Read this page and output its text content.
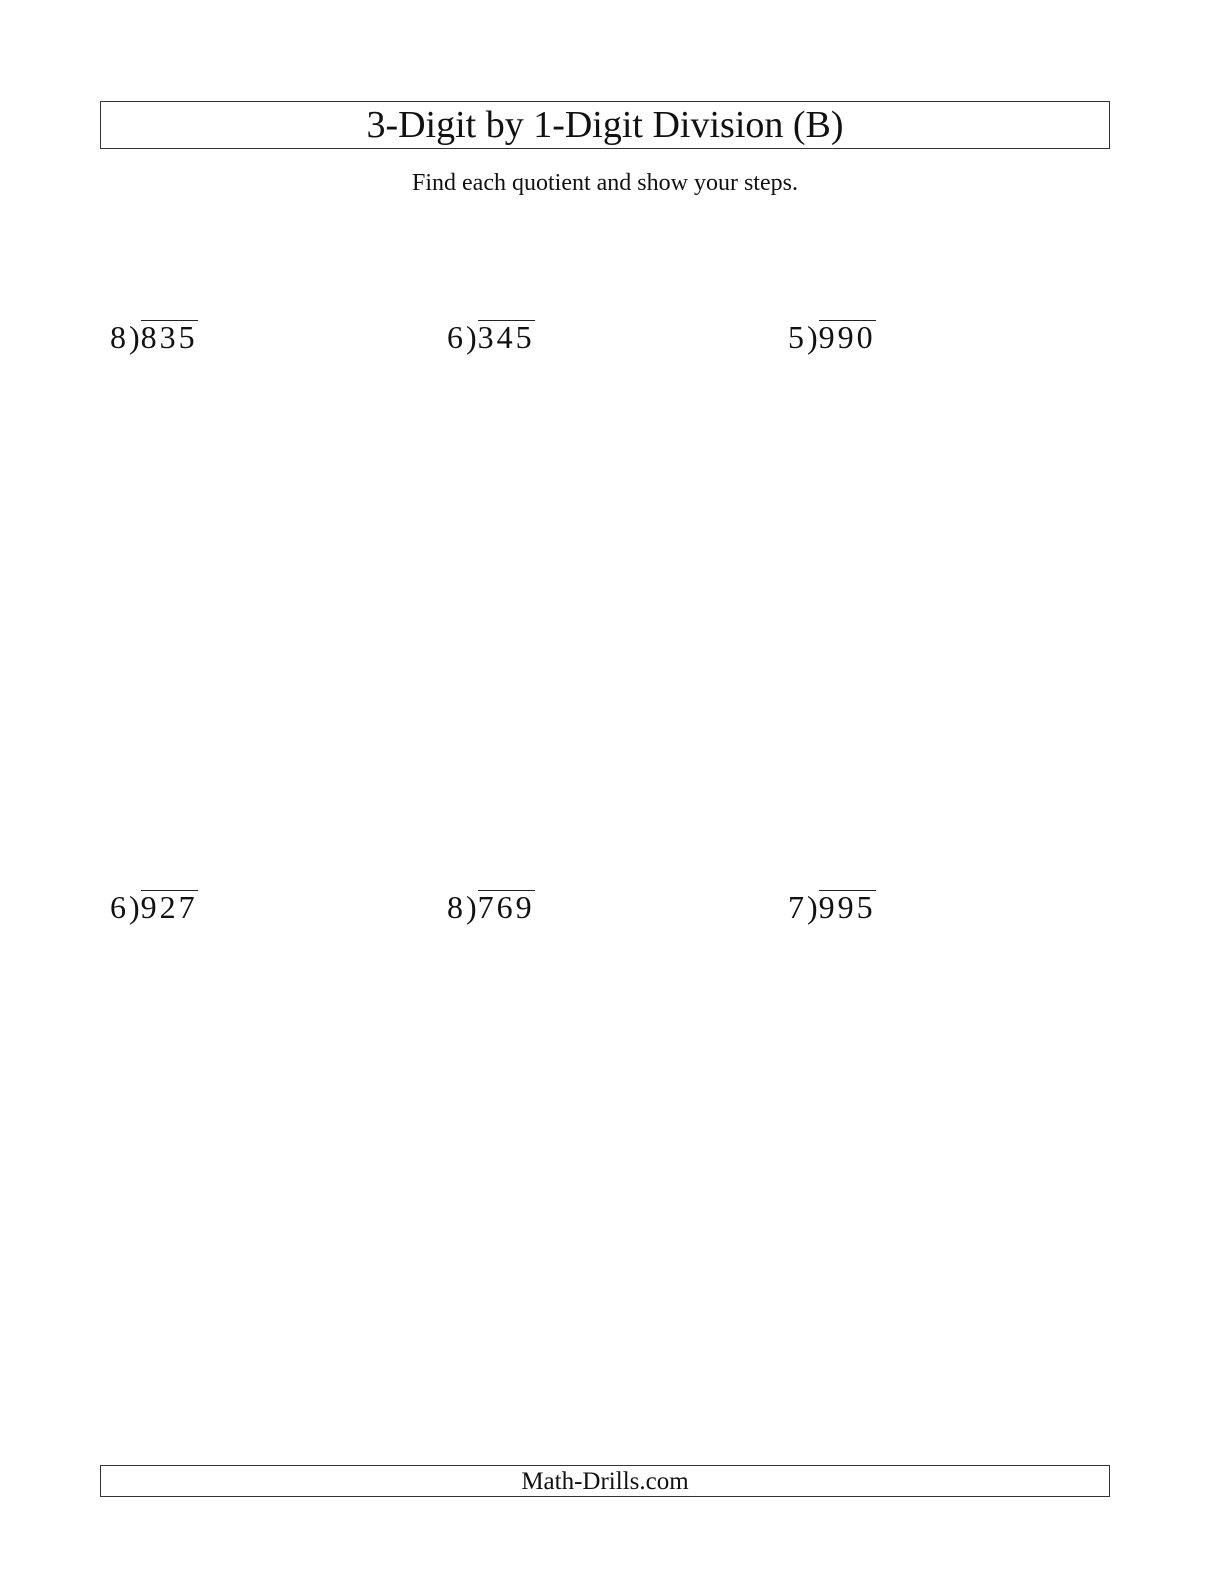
3-Digit by 1-Digit Division (B)
Find each quotient and show your steps.
8 ) 835	6 ) 345	5 ) 990
6 ) 927	8 ) 769	7 ) 995
Math-Drills.com
